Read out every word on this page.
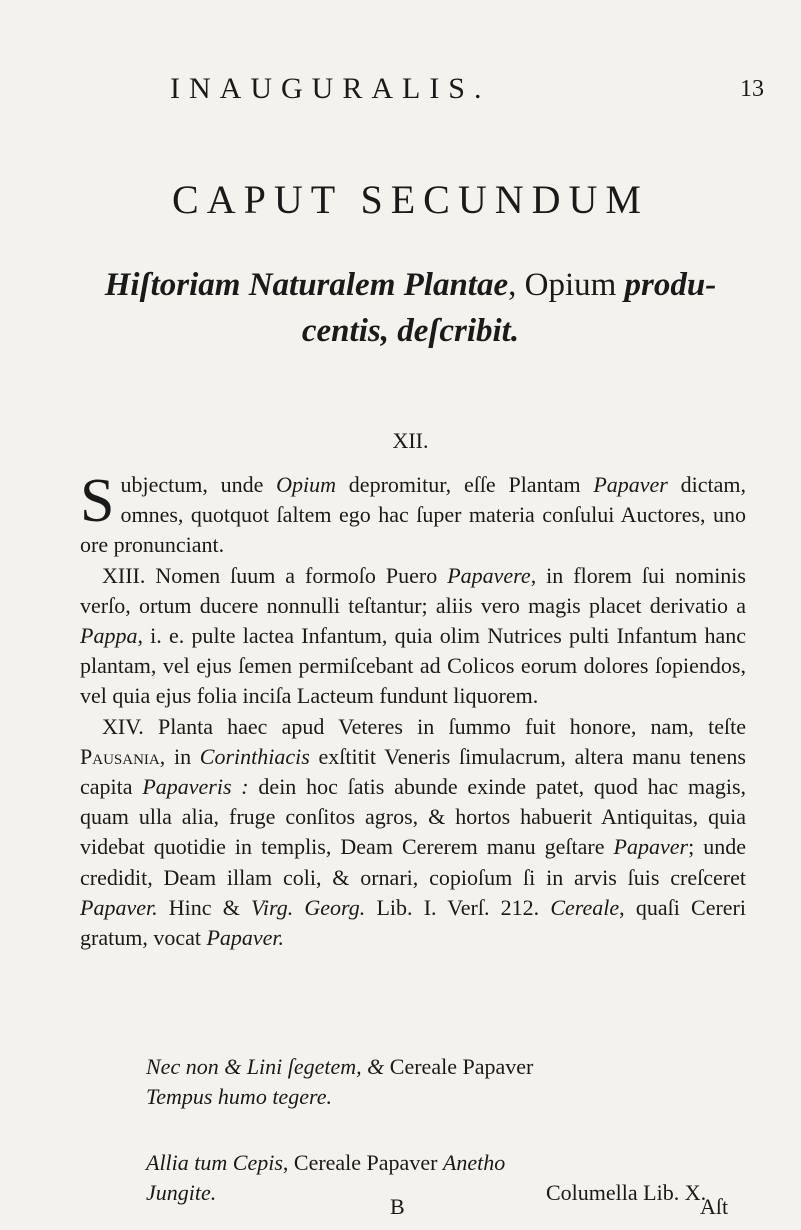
INAUGURALIS.	13
CAPUT SECUNDUM
Hiſtoriam Naturalem Plantae, Opium produ-
centis, deſcribit.
XII.

Subjectum, unde Opium depromitur, eſſe Plantam Papaver dictam, omnes, quotquot ſaltem ego hac ſuper materia conſului Auctores, uno ore pronunciant.

XIII. Nomen ſuum a formoſo Puero Papavere, in florem ſui nominis verſo, ortum ducere nonnulli teſtantur; aliis vero magis placet derivatio a Pappa, i. e. pulte lactea Infantum, quia olim Nutrices pulti Infantum hanc plantam, vel ejus ſemen permiſcebant ad Colicos eorum dolores ſopiendos, vel quia ejus folia inciſa Lacteum fundunt liquorem.

XIV. Planta haec apud Veteres in ſummo fuit honore, nam, teſte Pausania, in Corinthiacis exſtitit Veneris ſimulacrum, altera manu tenens capita Papaveris : dein hoc ſatis abunde exinde patet, quod hac magis, quam ulla alia, fruge conſitos agros, & hortos habuerit Antiquitas, quia videbat quotidie in templis, Deam Cererem manu geſtare Papaver; unde credidit, Deam illam coli, & ornari, copioſum ſi in arvis ſuis creſceret Papaver. Hinc & Virg. Georg. Lib. I. Verſ. 212. Cereale, quaſi Cereri gratum, vocat Papaver.

Nec non & Lini ſegetem, & Cereale Papaver
Tempus humo tegere.
Allia tum Cepis, Cereale Papaver Anetho
Jungite.	Columella Lib. X.
B	Aſt
